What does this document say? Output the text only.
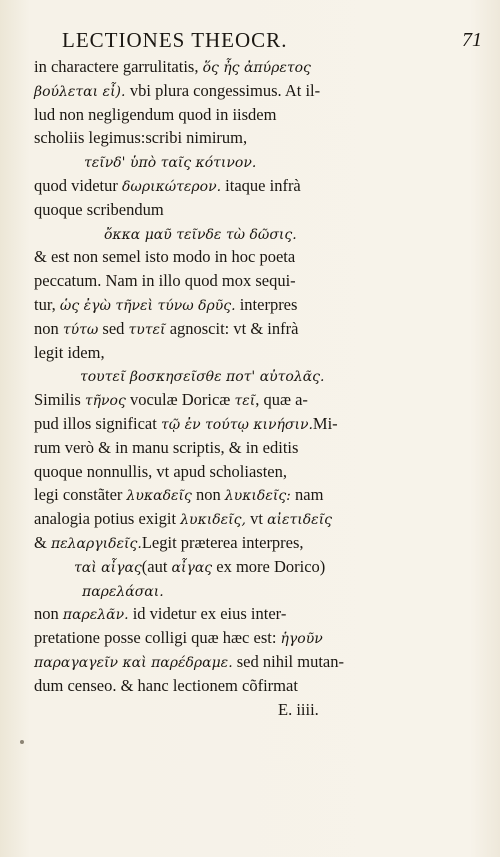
LECTIONES THEOCR.	71
in charactere garrulitatis, ὅς ἦς ἀπύρετος
βούλεται εἶ). vbi plura congessimus. At il-
lud non negligendum quod in iisdem
scholiis legimus:scribi nimirum,
τεῖνδ' ὑπὸ ταῖς κότινον.
quod videtur δωρικώτερον. itaque infrà
quoque scribendum
ὄκκα μαῦ τεῖνδε τὼ δῶσις.
& est non semel isto modo in hoc poeta
peccatum. Nam in illo quod mox sequi-
tur, ὡς ἐγὼ τῆνεὶ τύνω δρῦς. interpres
non τύτω sed τυτεῖ agnoscit: vt & infrà
legit idem,
τουτεῖ βοσκησεῖσθε ποτ' αὐτολᾶς.
Similis τῆνος voculæ Doricæ τεῖ, quæ a-
pud illos significat τῷ ἐν τούτῳ κινήσιν.Mi-
rum verò & in manu scriptis, & in editis
quoque nonnullis, vt apud scholiasten,
legi constãter λυκαδεῖς non λυκιδεῖς: nam
analogia potius exigit λυκιδεῖς, vt αἰετιδεῖς
& πελαργιδεῖς.Legit præterea interpres,
ταὶ αἶγας(aut αἶγας ex more Dorico)
παρελάσαι.
non παρελᾶν. id videtur ex eius inter-
pretatione posse colligi quæ hæc est: ἡγοῦν
παραγαγεῖν καὶ παρέδραμε. sed nihil mutan-
dum censeo. & hanc lectionem cõfirmat
E. iiii.
